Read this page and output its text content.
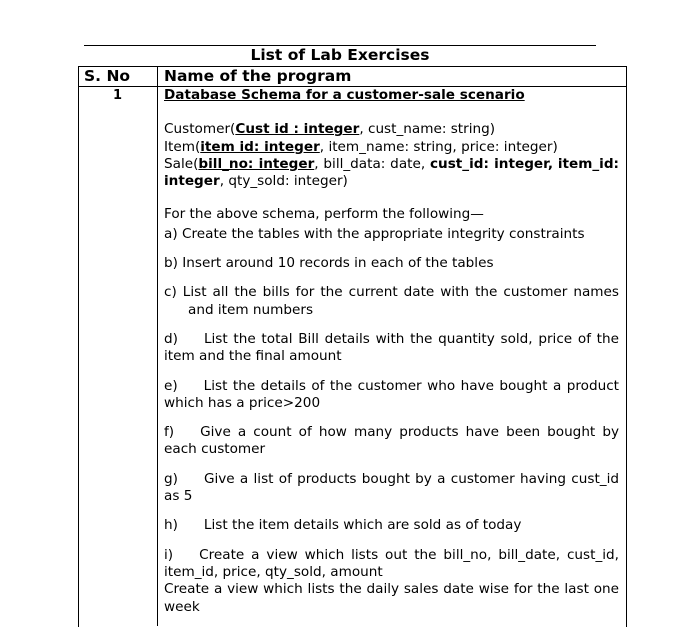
List of Lab Exercises
S. No Name of the program
1	Database Schema for a customer-sale scenario

Customer(Cust id : integer, cust_name: string)

Item(item id: integer, item_name: string, price: integer)

Sale(bill_no: integer, bill_data: date, cust_id: integer, item_id: integer, qty_sold: integer)

For the above schema, perform the following—

a) Create the tables with the appropriate integrity constraints

b) Insert around 10 records in each of the tables

c) List all the bills for the current date with the customer names and item numbers

d) List the total Bill details with the quantity sold, price of the item and the final amount

e) List the details of the customer who have bought a product which has a price>200

f) Give a count of how many products have been bought by each customer

g) Give a list of products bought by a customer having cust_id as 5

h) List the item details which are sold as of today

i) Create a view which lists out the bill_no, bill_date, cust_id, item_id, price, qty_sold, amount

Create a view which lists the daily sales date wise for the last one week
